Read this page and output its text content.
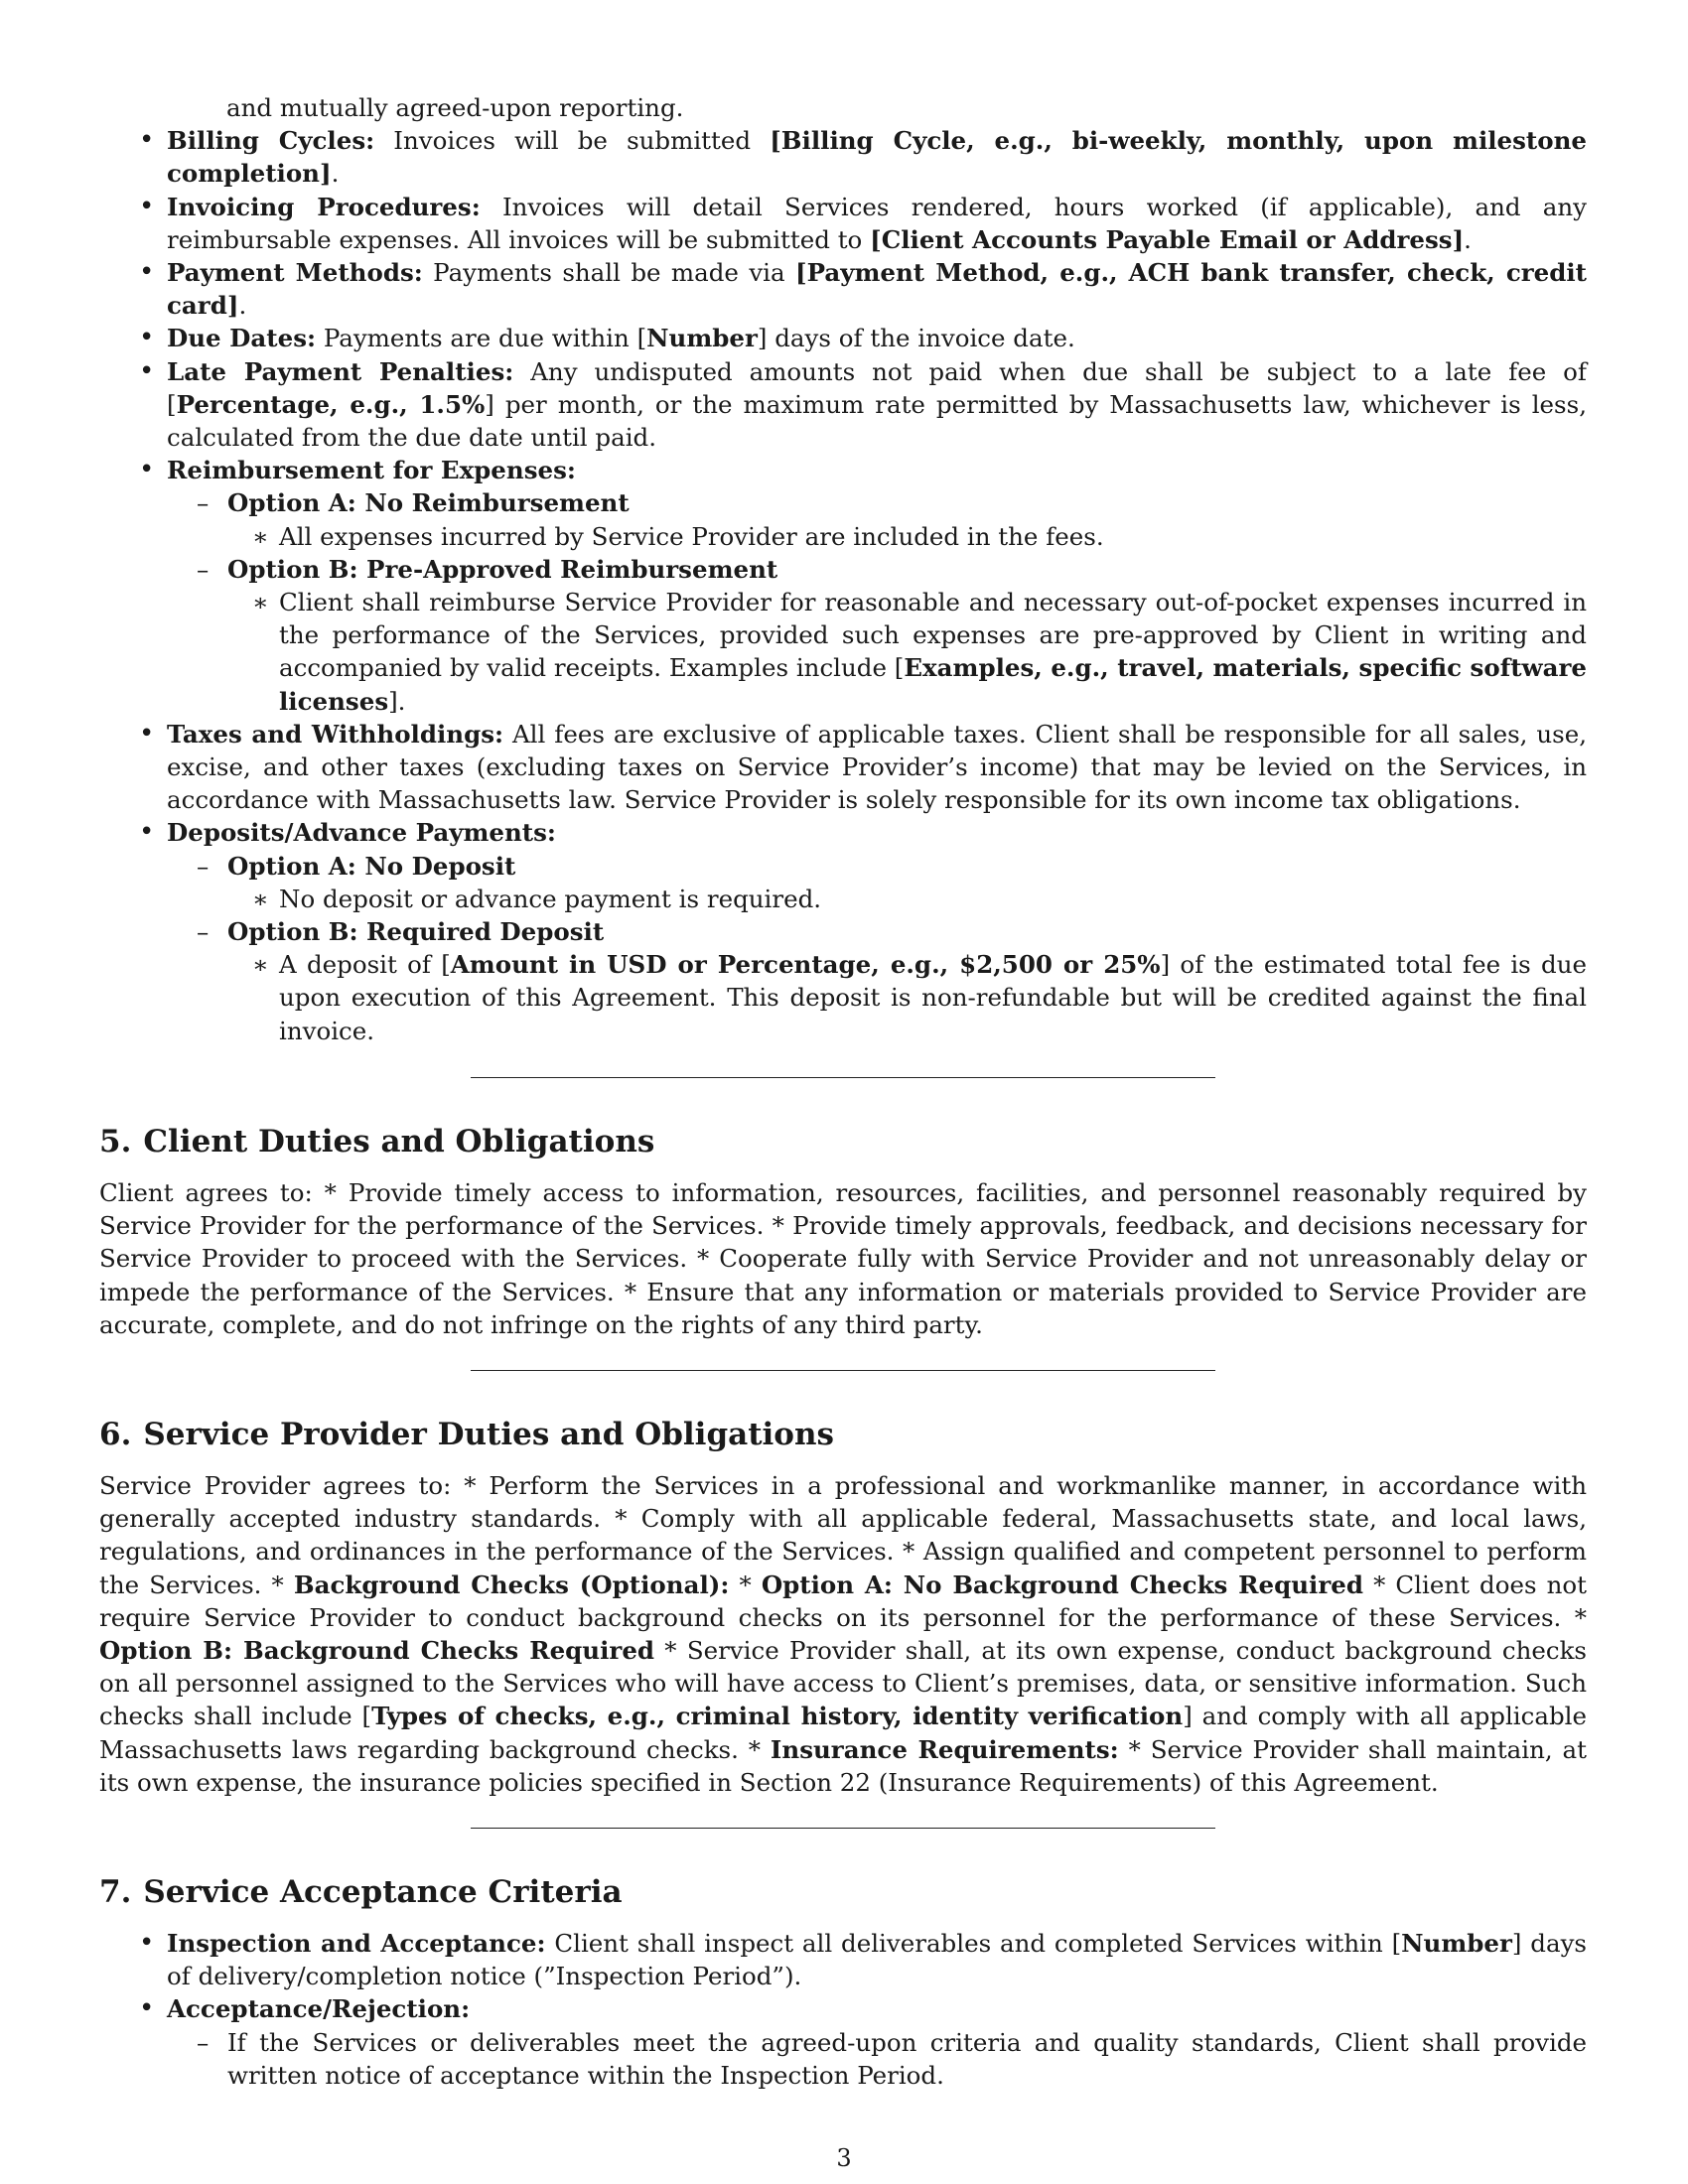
and mutually agreed-upon reporting.

• Billing Cycles: Invoices will be submitted [Billing Cycle, e.g., bi-weekly, monthly, upon milestone completion].
• Invoicing Procedures: Invoices will detail Services rendered, hours worked (if applicable), and any reimbursable expenses. All invoices will be submitted to [Client Accounts Payable Email or Address].
• Payment Methods: Payments shall be made via [Payment Method, e.g., ACH bank transfer, check, credit card].
• Due Dates: Payments are due within [Number] days of the invoice date.
• Late Payment Penalties: Any undisputed amounts not paid when due shall be subject to a late fee of [Percentage, e.g., 1.5%] per month, or the maximum rate permitted by Massachusetts law, whichever is less, calculated from the due date until paid.
• Reimbursement for Expenses:
– Option A: No Reimbursement
∗ All expenses incurred by Service Provider are included in the fees.
– Option B: Pre-Approved Reimbursement
∗ Client shall reimburse Service Provider for reasonable and necessary out-of-pocket expenses incurred in the performance of the Services, provided such expenses are pre-approved by Client in writing and accompanied by valid receipts. Examples include [Examples, e.g., travel, materials, specific software licenses].
• Taxes and Withholdings: All fees are exclusive of applicable taxes. Client shall be responsible for all sales, use, excise, and other taxes (excluding taxes on Service Provider’s income) that may be levied on the Services, in accordance with Massachusetts law. Service Provider is solely responsible for its own income tax obligations.
• Deposits/Advance Payments:
– Option A: No Deposit
∗ No deposit or advance payment is required.
– Option B: Required Deposit
∗ A deposit of [Amount in USD or Percentage, e.g., $2,500 or 25%] of the estimated total fee is due upon execution of this Agreement. This deposit is non-refundable but will be credited against the final invoice.
5. Client Duties and Obligations

Client agrees to: * Provide timely access to information, resources, facilities, and personnel reasonably required by Service Provider for the performance of the Services. * Provide timely approvals, feedback, and decisions necessary for Service Provider to proceed with the Services. * Cooperate fully with Service Provider and not unreasonably delay or impede the performance of the Services. * Ensure that any information or materials provided to Service Provider are accurate, complete, and do not infringe on the rights of any third party.

6. Service Provider Duties and Obligations

Service Provider agrees to: * Perform the Services in a professional and workmanlike manner, in accordance with generally accepted industry standards. * Comply with all applicable federal, Massachusetts state, and local laws, regulations, and ordinances in the performance of the Services. * Assign qualified and competent personnel to perform the Services. * Background Checks (Optional): * Option A: No Background Checks Required * Client does not require Service Provider to conduct background checks on its personnel for the performance of these Services. * Option B: Background Checks Required * Service Provider shall, at its own expense, conduct background checks on all personnel assigned to the Services who will have access to Client’s premises, data, or sensitive information. Such checks shall include [Types of checks, e.g., criminal history, identity verification] and comply with all applicable Massachusetts laws regarding background checks. * Insurance Requirements: * Service Provider shall maintain, at its own expense, the insurance policies specified in Section 22 (Insurance Requirements) of this Agreement.

7. Service Acceptance Criteria
• Inspection and Acceptance: Client shall inspect all deliverables and completed Services within [Number] days of delivery/completion notice (”Inspection Period”).
• Acceptance/Rejection:
– If the Services or deliverables meet the agreed-upon criteria and quality standards, Client shall provide written notice of acceptance within the Inspection Period.
3
